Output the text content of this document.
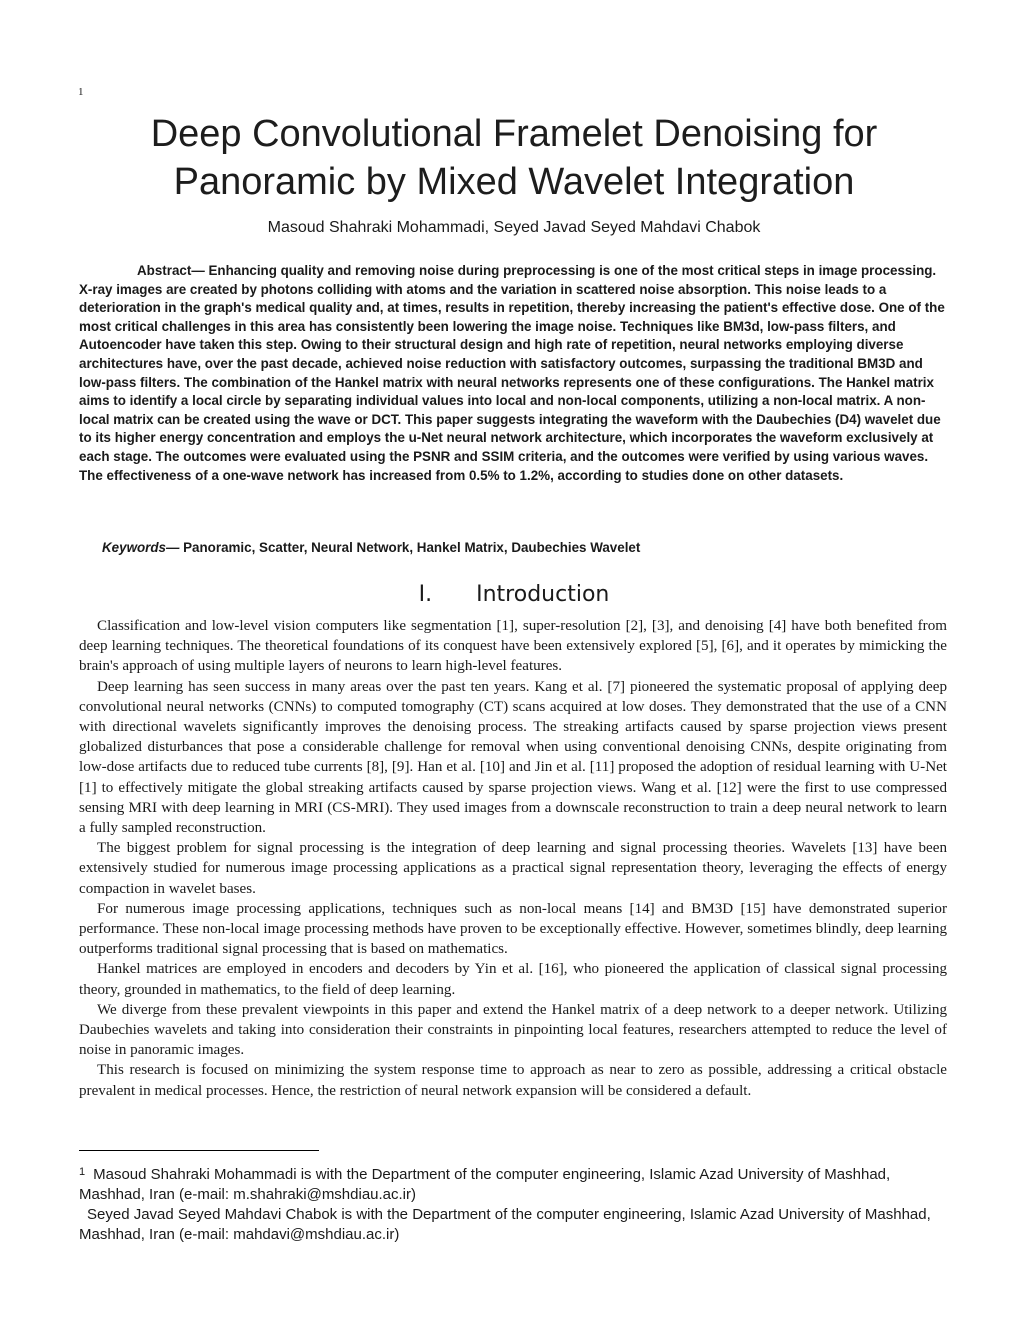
1
Deep Convolutional Framelet Denoising for
Panoramic by Mixed Wavelet Integration
Masoud Shahraki Mohammadi, Seyed Javad Seyed Mahdavi Chabok

Abstract— Enhancing quality and removing noise during preprocessing is one of the most critical steps in image processing. X-ray images are created by photons colliding with atoms and the variation in scattered noise absorption. This noise leads to a deterioration in the graph's medical quality and, at times, results in repetition, thereby increasing the patient's effective dose. One of the most critical challenges in this area has consistently been lowering the image noise. Techniques like BM3d, low-pass filters, and Autoencoder have taken this step. Owing to their structural design and high rate of repetition, neural networks employing diverse architectures have, over the past decade, achieved noise reduction with satisfactory outcomes, surpassing the traditional BM3D and low-pass filters. The combination of the Hankel matrix with neural networks represents one of these configurations. The Hankel matrix aims to identify a local circle by separating individual values into local and non-local components, utilizing a non-local matrix. A non-local matrix can be created using the wave or DCT. This paper suggests integrating the waveform with the Daubechies (D4) wavelet due to its higher energy concentration and employs the u-Net neural network architecture, which incorporates the waveform exclusively at each stage. The outcomes were evaluated using the PSNR and SSIM criteria, and the outcomes were verified by using various waves. The effectiveness of a one-wave network has increased from 0.5% to 1.2%, according to studies done on other datasets.

Keywords— Panoramic, Scatter, Neural Network, Hankel Matrix, Daubechies Wavelet
I. Introduction

Classification and low-level vision computers like segmentation [1], super-resolution [2], [3], and denoising [4] have both benefited from deep learning techniques. The theoretical foundations of its conquest have been extensively explored [5], [6], and it operates by mimicking the brain's approach of using multiple layers of neurons to learn high-level features.

Deep learning has seen success in many areas over the past ten years. Kang et al. [7] pioneered the systematic proposal of applying deep convolutional neural networks (CNNs) to computed tomography (CT) scans acquired at low doses. They demonstrated that the use of a CNN with directional wavelets significantly improves the denoising process. The streaking artifacts caused by sparse projection views present globalized disturbances that pose a considerable challenge for removal when using conventional denoising CNNs, despite originating from low-dose artifacts due to reduced tube currents [8], [9]. Han et al. [10] and Jin et al. [11] proposed the adoption of residual learning with U-Net [1] to effectively mitigate the global streaking artifacts caused by sparse projection views. Wang et al. [12] were the first to use compressed sensing MRI with deep learning in MRI (CS-MRI). They used images from a downscale reconstruction to train a deep neural network to learn a fully sampled reconstruction.

The biggest problem for signal processing is the integration of deep learning and signal processing theories. Wavelets [13] have been extensively studied for numerous image processing applications as a practical signal representation theory, leveraging the effects of energy compaction in wavelet bases.

For numerous image processing applications, techniques such as non-local means [14] and BM3D [15] have demonstrated superior performance. These non-local image processing methods have proven to be exceptionally effective. However, sometimes blindly, deep learning outperforms traditional signal processing that is based on mathematics.

Hankel matrices are employed in encoders and decoders by Yin et al. [16], who pioneered the application of classical signal processing theory, grounded in mathematics, to the field of deep learning.

We diverge from these prevalent viewpoints in this paper and extend the Hankel matrix of a deep network to a deeper network. Utilizing Daubechies wavelets and taking into consideration their constraints in pinpointing local features, researchers attempted to reduce the level of noise in panoramic images.

This research is focused on minimizing the system response time to approach as near to zero as possible, addressing a critical obstacle prevalent in medical processes. Hence, the restriction of neural network expansion will be considered a default.

$^1$ Masoud Shahraki Mohammadi is with the Department of the computer engineering, Islamic Azad University of Mashhad, Mashhad, Iran (e-mail: m.shahraki@mshdiau.ac.ir)

Seyed Javad Seyed Mahdavi Chabok is with the Department of the computer engineering, Islamic Azad University of Mashhad, Mashhad, Iran (e-mail: mahdavi@mshdiau.ac.ir)
